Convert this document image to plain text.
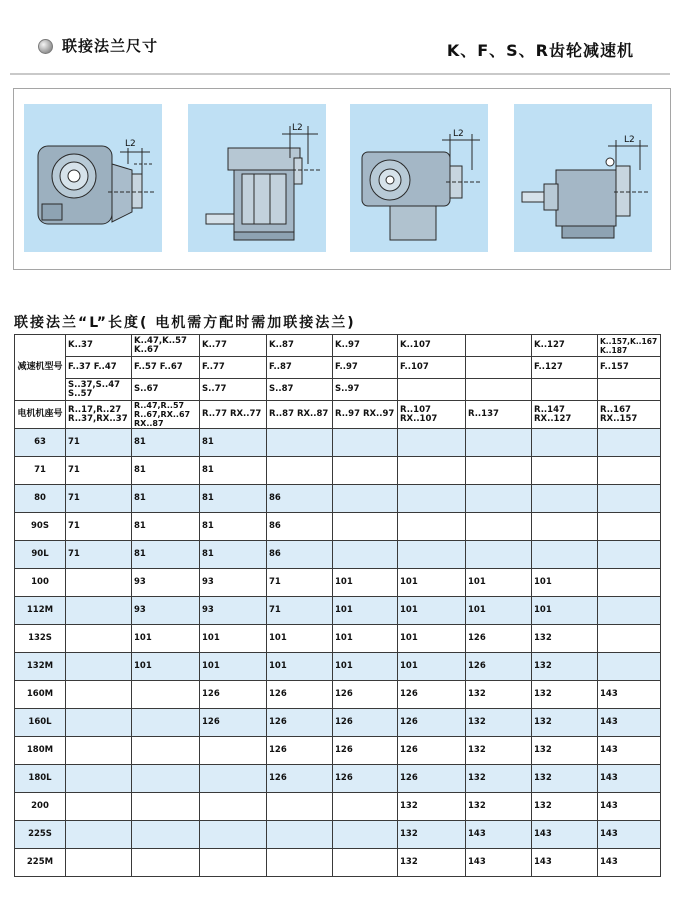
联接法兰尺寸	K、F、S、R齿轮减速机
L2
L2
L2
L2
联接法兰“L”长度( 电机需方配时需加联接法兰)
减速机型号	K..37	K..47,K..57 K..67	K..77	K..87	K..97	K..107		K..127	K..157,K..167 K..187
	F..37 F..47	F..57 F..67	F..77	F..87	F..97	F..107		F..127	F..157
	S..37,S..47 S..57	S..67	S..77	S..87	S..97				
电机机座号	R..17,R..27 R..37,RX..37	R..47,R..57 R..67,RX..67 RX..87	R..77 RX..77	R..87 RX..87	R..97 RX..97	R..107 RX..107	R..137	R..147 RX..127	R..167 RX..157
63	71	81	81						
71	71	81	81						
80	71	81	81	86					
90S	71	81	81	86					
90L	71	81	81	86					
100		93	93	71	101	101	101	101	
112M		93	93	71	101	101	101	101	
132S		101	101	101	101	101	126	132	
132M		101	101	101	101	101	126	132	
160M			126	126	126	126	132	132	143
160L			126	126	126	126	132	132	143
180M				126	126	126	132	132	143
180L				126	126	126	132	132	143
200						132	132	132	143
225S						132	143	143	143
225M						132	143	143	143
